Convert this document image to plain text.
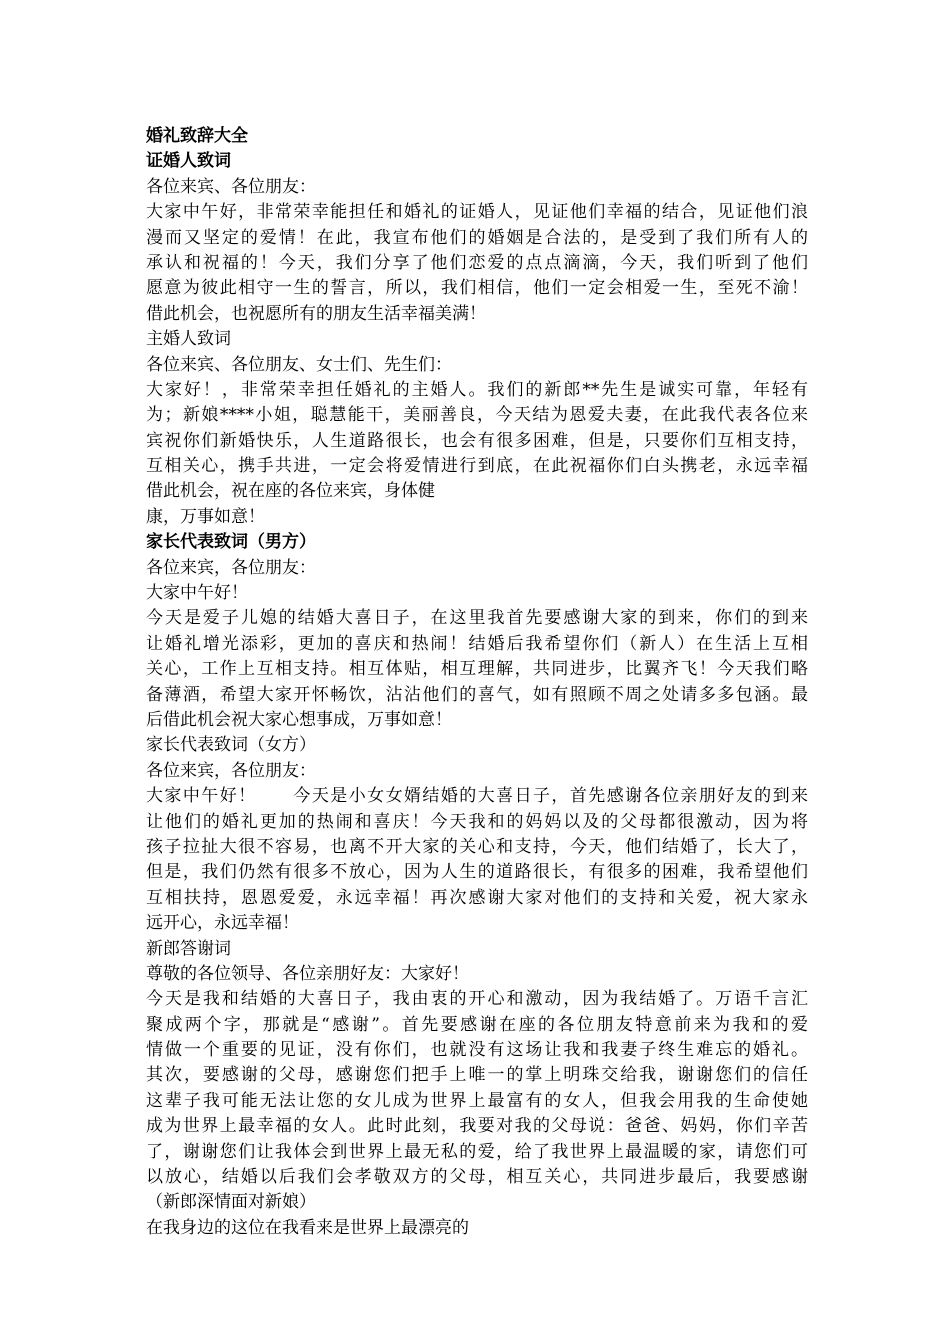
婚礼致辞大全
证婚人致词
各位来宾、各位朋友：
大家中午好，非常荣幸能担任和婚礼的证婚人，见证他们幸福的结合，见证他们浪
漫而又坚定的爱情！在此，我宣布他们的婚姻是合法的，是受到了我们所有人的
承认和祝福的！今天，我们分享了他们恋爱的点点滴滴，今天，我们听到了他们
愿意为彼此相守一生的誓言，所以，我们相信，他们一定会相爱一生，至死不渝！
借此机会，也祝愿所有的朋友生活幸福美满！
主婚人致词
各位来宾、各位朋友、女士们、先生们：
大家好！，非常荣幸担任婚礼的主婚人。我们的新郎**先生是诚实可靠，年轻有
为；新娘****小姐，聪慧能干，美丽善良，今天结为恩爱夫妻，在此我代表各位来
宾祝你们新婚快乐，人生道路很长，也会有很多困难，但是，只要你们互相支持，
互相关心，携手共进，一定会将爱情进行到底，在此祝福你们白头携老，永远幸福
借此机会，祝在座的各位来宾，身体健
康，万事如意！
家长代表致词（男方）
各位来宾，各位朋友：
大家中午好！
今天是爱子儿媳的结婚大喜日子，在这里我首先要感谢大家的到来，你们的到来
让婚礼增光添彩，更加的喜庆和热闹！结婚后我希望你们（新人）在生活上互相
关心，工作上互相支持。相互体贴，相互理解，共同进步，比翼齐飞！今天我们略
备薄酒，希望大家开怀畅饮，沾沾他们的喜气，如有照顾不周之处请多多包涵。最
后借此机会祝大家心想事成，万事如意！
家长代表致词（女方）
各位来宾，各位朋友：
大家中午好！　　今天是小女女婿结婚的大喜日子，首先感谢各位亲朋好友的到来
让他们的婚礼更加的热闹和喜庆！今天我和的妈妈以及的父母都很激动，因为将
孩子拉扯大很不容易，也离不开大家的关心和支持，今天，他们结婚了，长大了，
但是，我们仍然有很多不放心，因为人生的道路很长，有很多的困难，我希望他们
互相扶持，恩恩爱爱，永远幸福！再次感谢大家对他们的支持和关爱，祝大家永
远开心，永远幸福！
新郎答谢词
尊敬的各位领导、各位亲朋好友：大家好！
今天是我和结婚的大喜日子，我由衷的开心和激动，因为我结婚了。万语千言汇
聚成两个字，那就是“感谢”。首先要感谢在座的各位朋友特意前来为我和的爱
情做一个重要的见证，没有你们，也就没有这场让我和我妻子终生难忘的婚礼。
其次，要感谢的父母，感谢您们把手上唯一的掌上明珠交给我，谢谢您们的信任
这辈子我可能无法让您的女儿成为世界上最富有的女人，但我会用我的生命使她
成为世界上最幸福的女人。此时此刻，我要对我的父母说：爸爸、妈妈，你们辛苦
了，谢谢您们让我体会到世界上最无私的爱，给了我世界上最温暖的家，请您们可
以放心，结婚以后我们会孝敬双方的父母，相互关心，共同进步最后，我要感谢
（新郎深情面对新娘）
在我身边的这位在我看来是世界上最漂亮的
